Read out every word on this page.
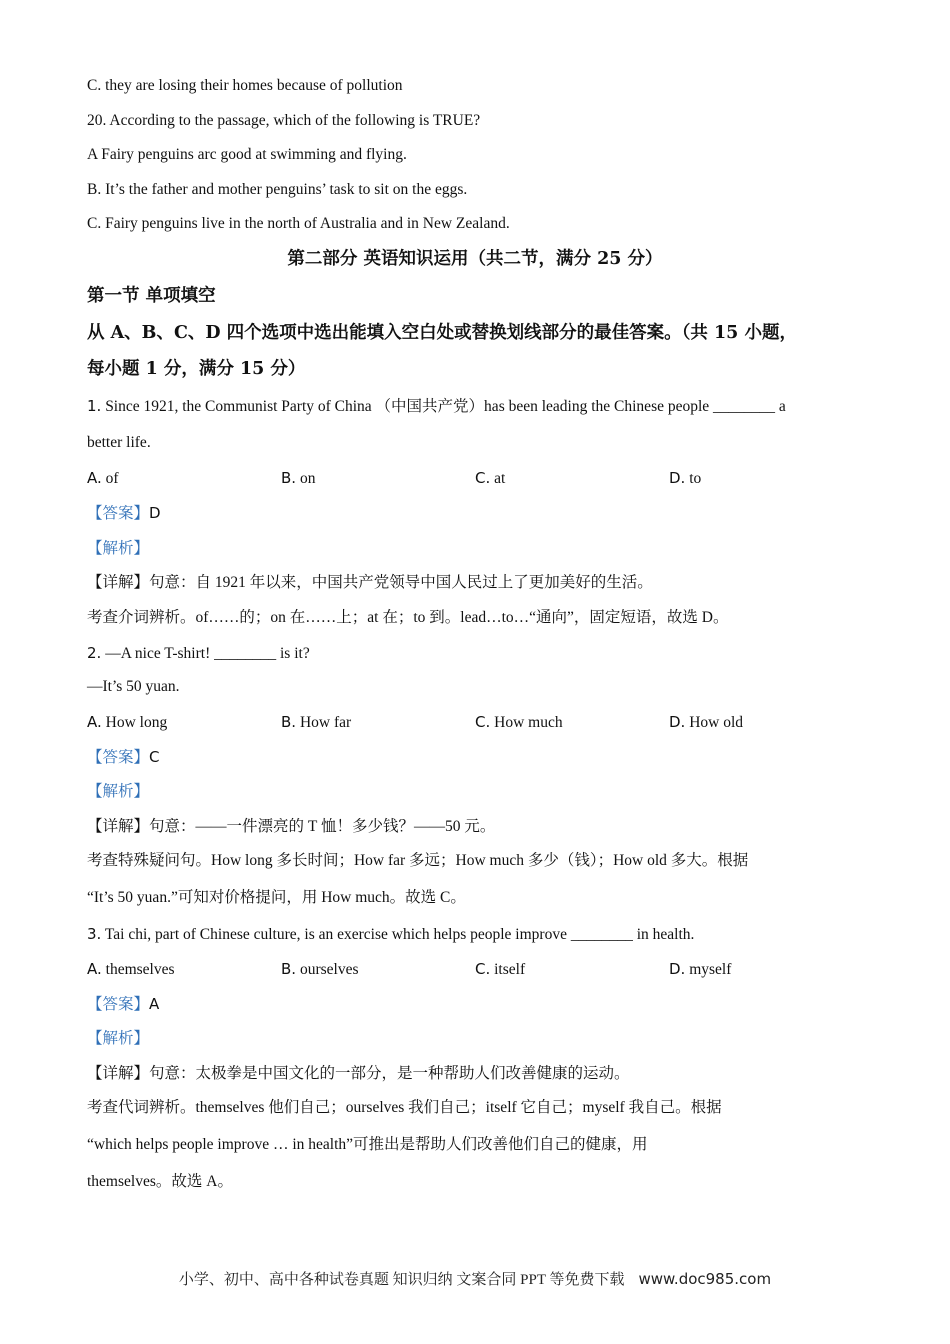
C. they are losing their homes because of pollution
20. According to the passage, which of the following is TRUE?
A Fairy penguins arc good at swimming and flying.
B. It’s the father and mother penguins’ task to sit on the eggs.
C. Fairy penguins live in the north of Australia and in New Zealand.
第二部分 英语知识运用（共二节，满分 25 分）
第一节 单项填空
从 A、B、C、D 四个选项中选出能填入空白处或替换划线部分的最佳答案。（共 15 小题，
每小题 1 分，满分 15 分）
1. Since 1921, the Communist Party of China （中国共产党）has been leading the Chinese people ________ a
better life.
A. of	B. on	C. at	D. to
【答案】D
【解析】
【详解】句意：自 1921 年以来，中国共产党领导中国人民过上了更加美好的生活。
考查介词辨析。of……的；on 在……上；at 在；to 到。lead…to…“通向”，固定短语，故选 D。
2. —A nice T-shirt! ________ is it?
—It’s 50 yuan.
A. How long	B. How far	C. How much	D. How old
【答案】C
【解析】
【详解】句意：——一件漂亮的 T 恤！多少钱？——50 元。
考查特殊疑问句。How long 多长时间；How far 多远；How much 多少（钱）；How old 多大。根据
“It’s 50 yuan.”可知对价格提问，用 How much。故选 C。
3. Tai chi, part of Chinese culture, is an exercise which helps people improve ________ in health.
A. themselves	B. ourselves	C. itself	D. myself
【答案】A
【解析】
【详解】句意：太极拳是中国文化的一部分，是一种帮助人们改善健康的运动。
考查代词辨析。themselves 他们自己；ourselves 我们自己；itself 它自己；myself 我自己。根据
“which helps people improve … in health”可推出是帮助人们改善他们自己的健康，用
themselves。故选 A。
小学、初中、高中各种试卷真题 知识归纳 文案合同 PPT 等免费下载 www.doc985.com
